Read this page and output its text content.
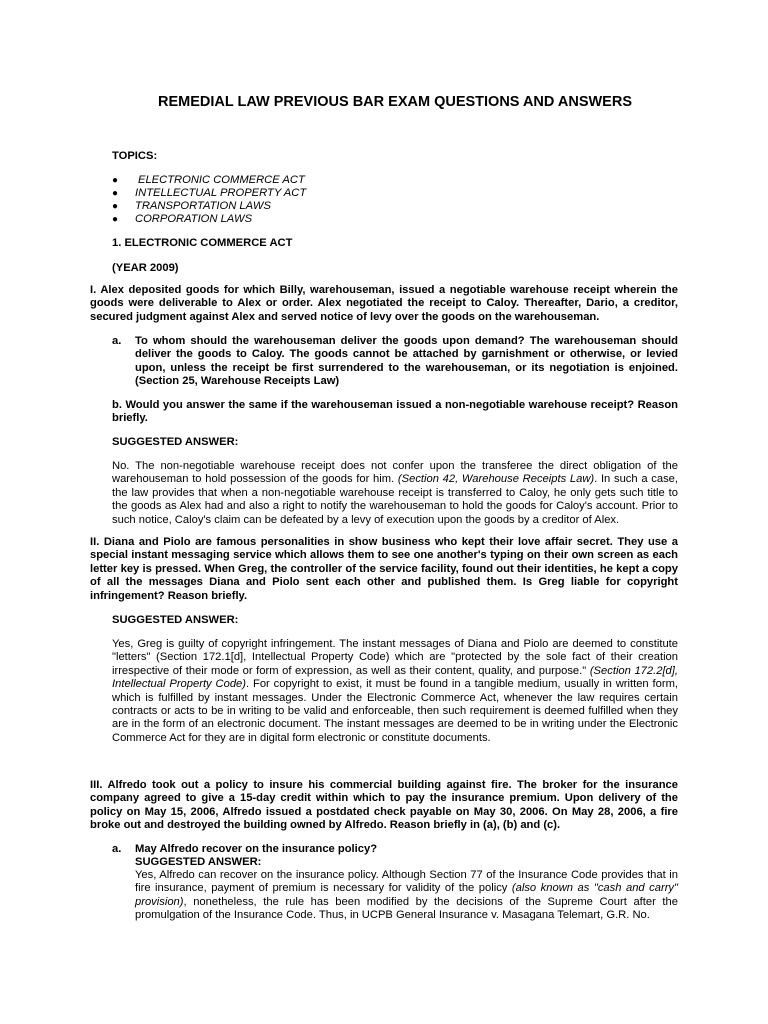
REMEDIAL LAW PREVIOUS BAR EXAM QUESTIONS AND ANSWERS
TOPICS:
● ELECTRONIC COMMERCE ACT
● INTELLECTUAL PROPERTY ACT
● TRANSPORTATION LAWS
● CORPORATION LAWS
1. ELECTRONIC COMMERCE ACT
(YEAR 2009)
I. Alex deposited goods for which Billy, warehouseman, issued a negotiable warehouse receipt wherein the goods were deliverable to Alex or order. Alex negotiated the receipt to Caloy. Thereafter, Dario, a creditor, secured judgment against Alex and served notice of levy over the goods on the warehouseman.
a. To whom should the warehouseman deliver the goods upon demand? The warehouseman should deliver the goods to Caloy. The goods cannot be attached by garnishment or otherwise, or levied upon, unless the receipt be first surrendered to the warehouseman, or its negotiation is enjoined. (Section 25, Warehouse Receipts Law)
b. Would you answer the same if the warehouseman issued a non-negotiable warehouse receipt? Reason briefly.
SUGGESTED ANSWER:
No. The non-negotiable warehouse receipt does not confer upon the transferee the direct obligation of the warehouseman to hold possession of the goods for him. (Section 42, Warehouse Receipts Law). In such a case, the law provides that when a non-negotiable warehouse receipt is transferred to Caloy, he only gets such title to the goods as Alex had and also a right to notify the warehouseman to hold the goods for Caloy's account. Prior to such notice, Caloy's claim can be defeated by a levy of execution upon the goods by a creditor of Alex.
II. Diana and Piolo are famous personalities in show business who kept their love affair secret. They use a special instant messaging service which allows them to see one another's typing on their own screen as each letter key is pressed. When Greg, the controller of the service facility, found out their identities, he kept a copy of all the messages Diana and Piolo sent each other and published them. Is Greg liable for copyright infringement? Reason briefly.
SUGGESTED ANSWER:
Yes, Greg is guilty of copyright infringement. The instant messages of Diana and Piolo are deemed to constitute "letters" (Section 172.1[d], Intellectual Property Code) which are "protected by the sole fact of their creation irrespective of their mode or form of expression, as well as their content, quality, and purpose." (Section 172.2[d], Intellectual Property Code). For copyright to exist, it must be found in a tangible medium, usually in written form, which is fulfilled by instant messages. Under the Electronic Commerce Act, whenever the law requires certain contracts or acts to be in writing to be valid and enforceable, then such requirement is deemed fulfilled when they are in the form of an electronic document. The instant messages are deemed to be in writing under the Electronic Commerce Act for they are in digital form electronic or constitute documents.
III. Alfredo took out a policy to insure his commercial building against fire. The broker for the insurance company agreed to give a 15-day credit within which to pay the insurance premium. Upon delivery of the policy on May 15, 2006, Alfredo issued a postdated check payable on May 30, 2006. On May 28, 2006, a fire broke out and destroyed the building owned by Alfredo. Reason briefly in (a), (b) and (c).
a. May Alfredo recover on the insurance policy?
SUGGESTED ANSWER:
Yes, Alfredo can recover on the insurance policy. Although Section 77 of the Insurance Code provides that in fire insurance, payment of premium is necessary for validity of the policy (also known as "cash and carry" provision), nonetheless, the rule has been modified by the decisions of the Supreme Court after the promulgation of the Insurance Code. Thus, in UCPB General Insurance v. Masagana Telemart, G.R. No.
